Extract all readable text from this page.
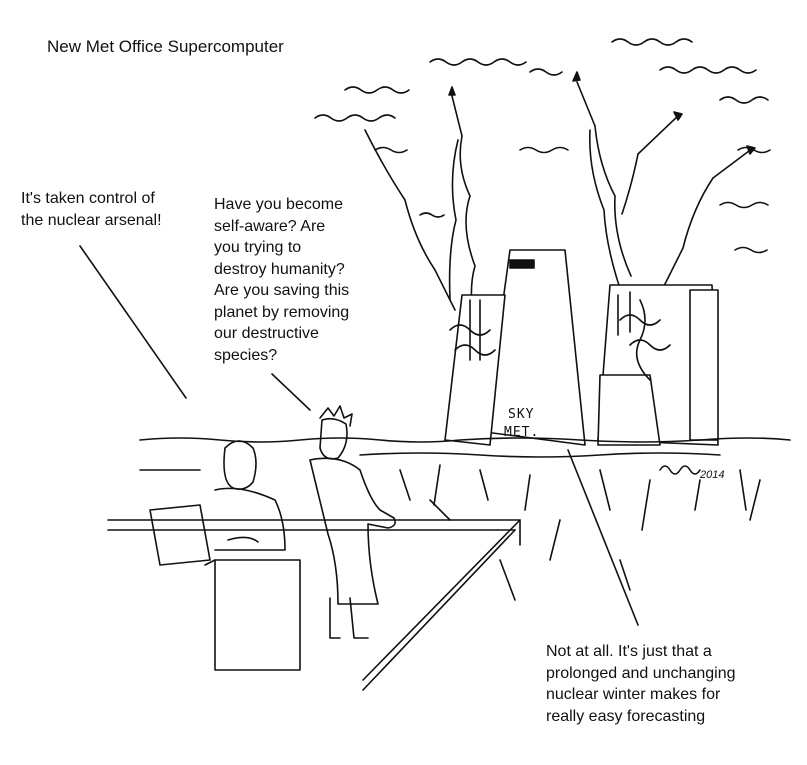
SKY
MET.
2014
New Met Office Supercomputer
It's taken control of
the nuclear arsenal!
Have you become
self-aware? Are
you trying to
destroy humanity?
Are you saving this
planet by removing
our destructive
species?
Not at all. It's just that a
prolonged and unchanging
nuclear winter makes for
really easy forecasting
